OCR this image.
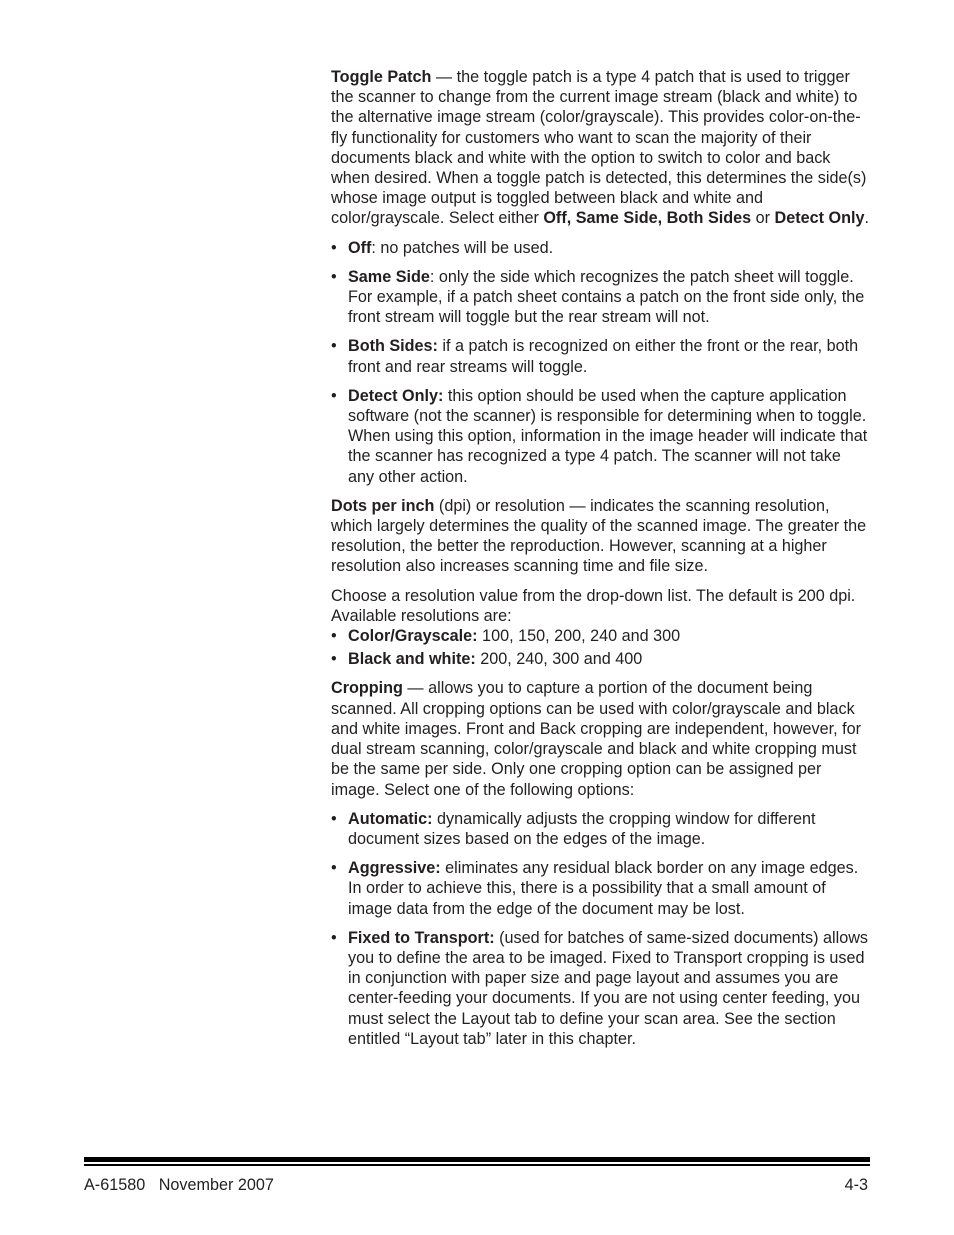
Toggle Patch — the toggle patch is a type 4 patch that is used to trigger the scanner to change from the current image stream (black and white) to the alternative image stream (color/grayscale). This provides color-on-the-fly functionality for customers who want to scan the majority of their documents black and white with the option to switch to color and back when desired. When a toggle patch is detected, this determines the side(s) whose image output is toggled between black and white and color/grayscale. Select either Off, Same Side, Both Sides or Detect Only.

• Off: no patches will be used.
• Same Side: only the side which recognizes the patch sheet will toggle. For example, if a patch sheet contains a patch on the front side only, the front stream will toggle but the rear stream will not.
• Both Sides: if a patch is recognized on either the front or the rear, both front and rear streams will toggle.
• Detect Only: this option should be used when the capture application software (not the scanner) is responsible for determining when to toggle. When using this option, information in the image header will indicate that the scanner has recognized a type 4 patch. The scanner will not take any other action.

Dots per inch (dpi) or resolution — indicates the scanning resolution, which largely determines the quality of the scanned image. The greater the resolution, the better the reproduction. However, scanning at a higher resolution also increases scanning time and file size.

Choose a resolution value from the drop-down list. The default is 200 dpi. Available resolutions are:

• Color/Grayscale: 100, 150, 200, 240 and 300
• Black and white: 200, 240, 300 and 400

Cropping — allows you to capture a portion of the document being scanned. All cropping options can be used with color/grayscale and black and white images. Front and Back cropping are independent, however, for dual stream scanning, color/grayscale and black and white cropping must be the same per side. Only one cropping option can be assigned per image. Select one of the following options:

• Automatic: dynamically adjusts the cropping window for different document sizes based on the edges of the image.
• Aggressive: eliminates any residual black border on any image edges. In order to achieve this, there is a possibility that a small amount of image data from the edge of the document may be lost.
• Fixed to Transport: (used for batches of same-sized documents) allows you to define the area to be imaged. Fixed to Transport cropping is used in conjunction with paper size and page layout and assumes you are center-feeding your documents. If you are not using center feeding, you must select the Layout tab to define your scan area. See the section entitled “Layout tab” later in this chapter.
A-61580   November 2007	4-3
